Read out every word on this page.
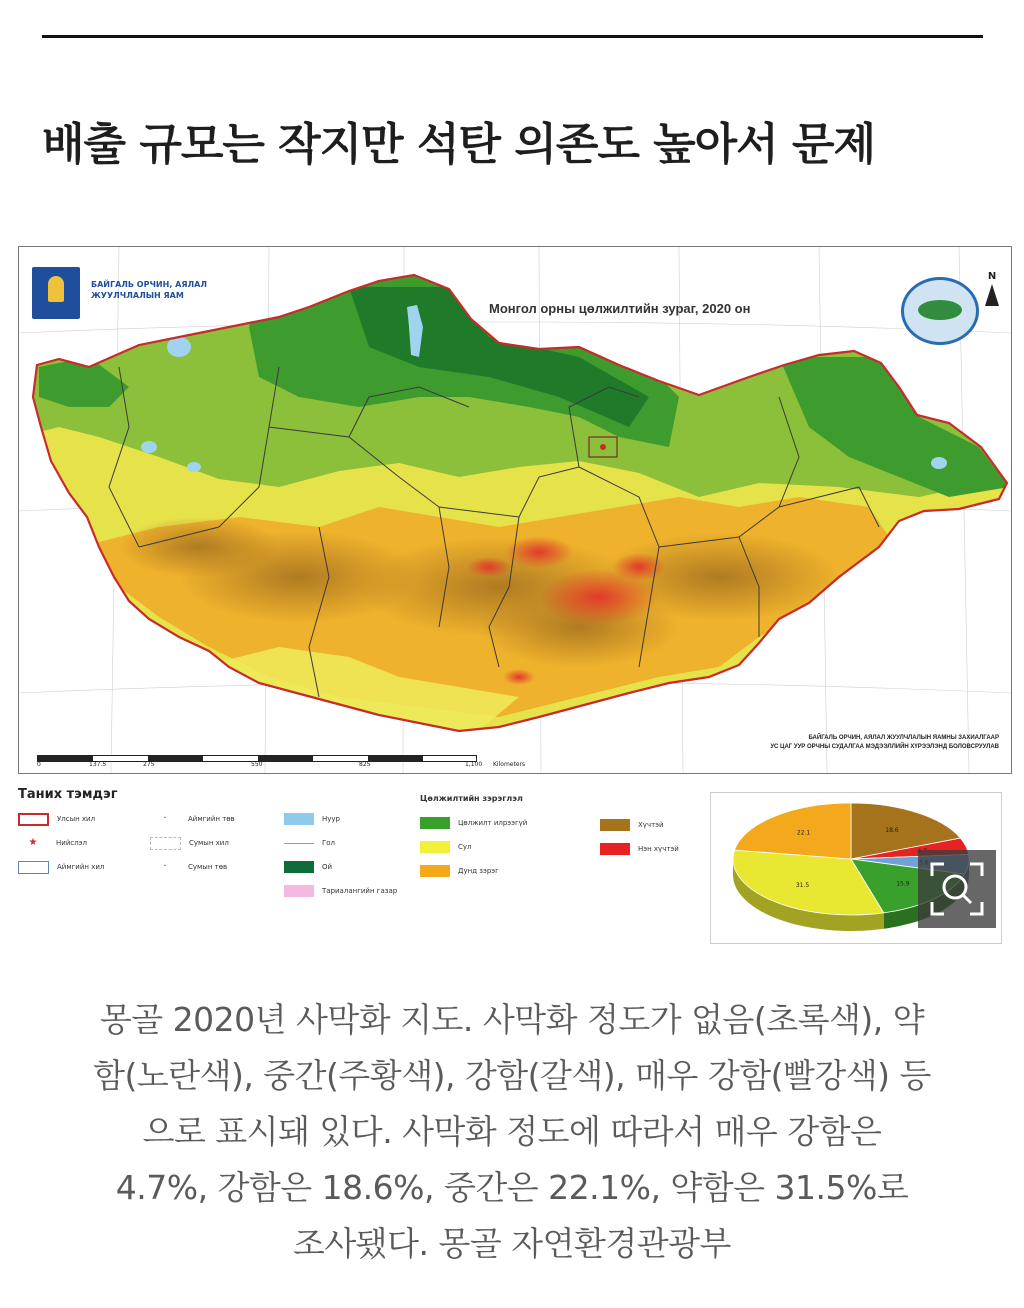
배출 규모는 작지만 석탄 의존도 높아서 문제
БАЙГАЛЬ ОРЧИН, АЯЛАЛ ЖУУЛЧЛАЛЫН ЯАМ
Монгол орны цөлжилтийн зураг, 2020 он
N
БАЙГАЛЬ ОРЧИН, АЯЛАЛ ЖУУЛЧЛАЛЫН ЯАМНЫ ЗАХИАЛГААР
УС ЦАГ УУР ОРЧНЫ СУДАЛГАА МЭДЭЭЛЛИЙН ХҮРЭЭЛЭНД БОЛОВСРУУЛАВ
0	137.5	275	550	825	1,100 Kilometers
Таних тэмдэг
Улсын хил
★	Нийслэл
Аймгийн хил
·	Аймгийн төв
Сумын хил
·	Сумын төв
Нуур
Гол
Ой
Тариалангийн газар
Цөлжилт илрээгүй
Сул
Дунд зэрэг
Хүчтэй
Нэн хүчтэй
Цөлжилтийн зэрэглэл
18.6
15.9
31.5
22.1
몽골 2020년 사막화 지도. 사막화 정도가 없음(초록색), 약
함(노란색), 중간(주황색), 강함(갈색), 매우 강함(빨강색) 등
으로 표시돼 있다. 사막화 정도에 따라서 매우 강함은
4.7%, 강함은 18.6%, 중간은 22.1%, 약함은 31.5%로
조사됐다. 몽골 자연환경관광부
